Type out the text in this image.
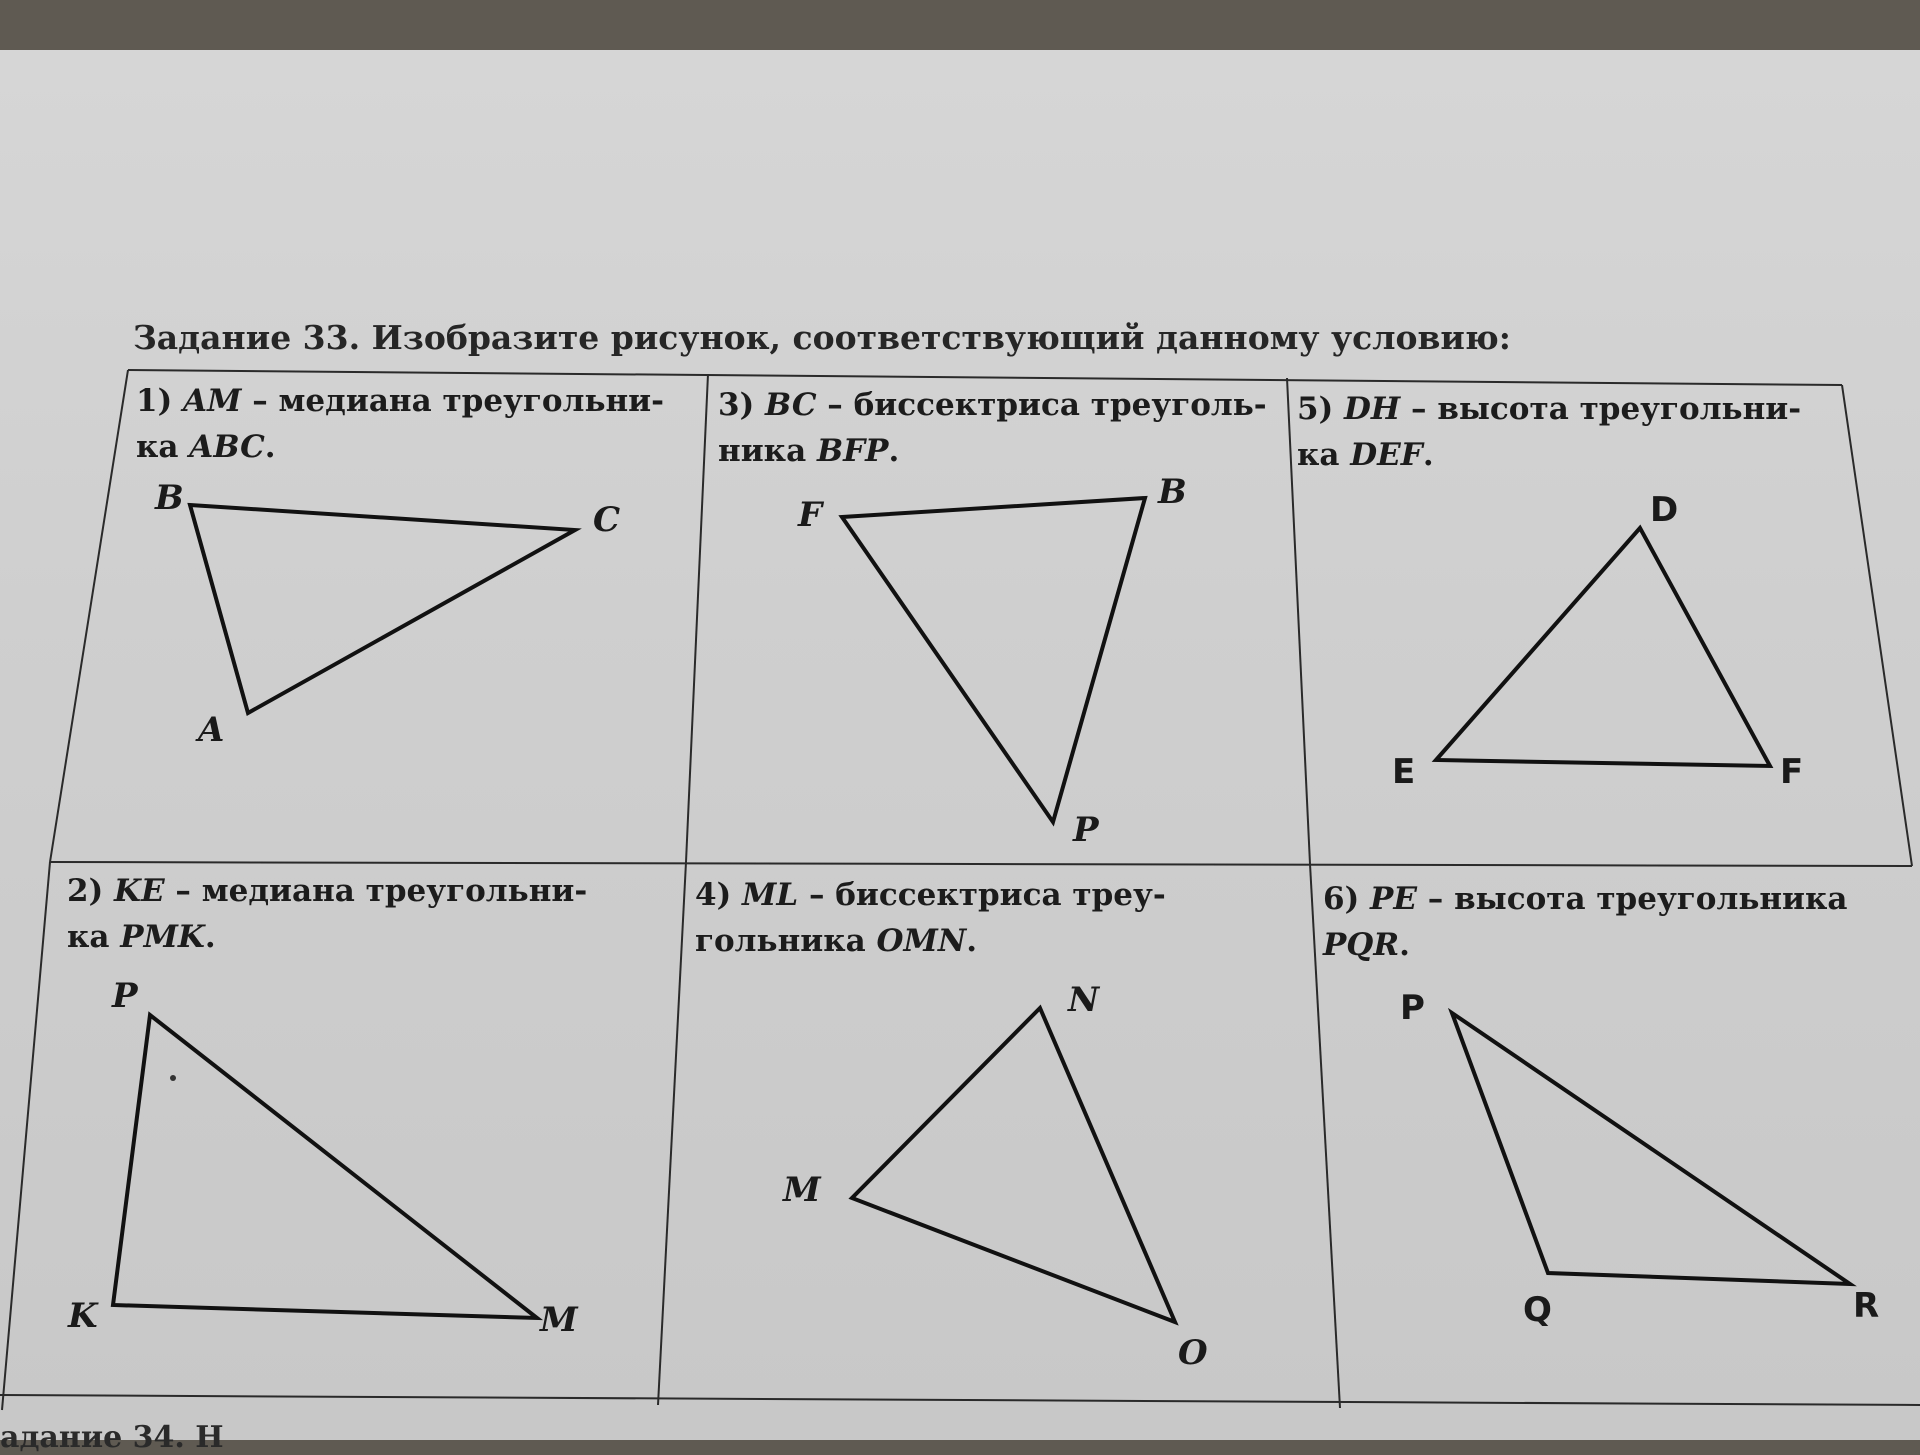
Задание 33. Изобразите рисунок, соответствующий данному условию:
1) AM – медиана треугольни-
ка ABC.
B
C
A
3) BC – биссектриса треуголь-
ника BFP.
F
B
P
5) DH – высота треугольни-
ка DEF.
D
E	F
2) KE – медиана треугольни-
ка PMK.
P
K	M
4) ML – биссектриса треу-
гольника OMN.
N
M
O
6) PE – высота треугольника
PQR.
P
Q	R
адание 34. Н
